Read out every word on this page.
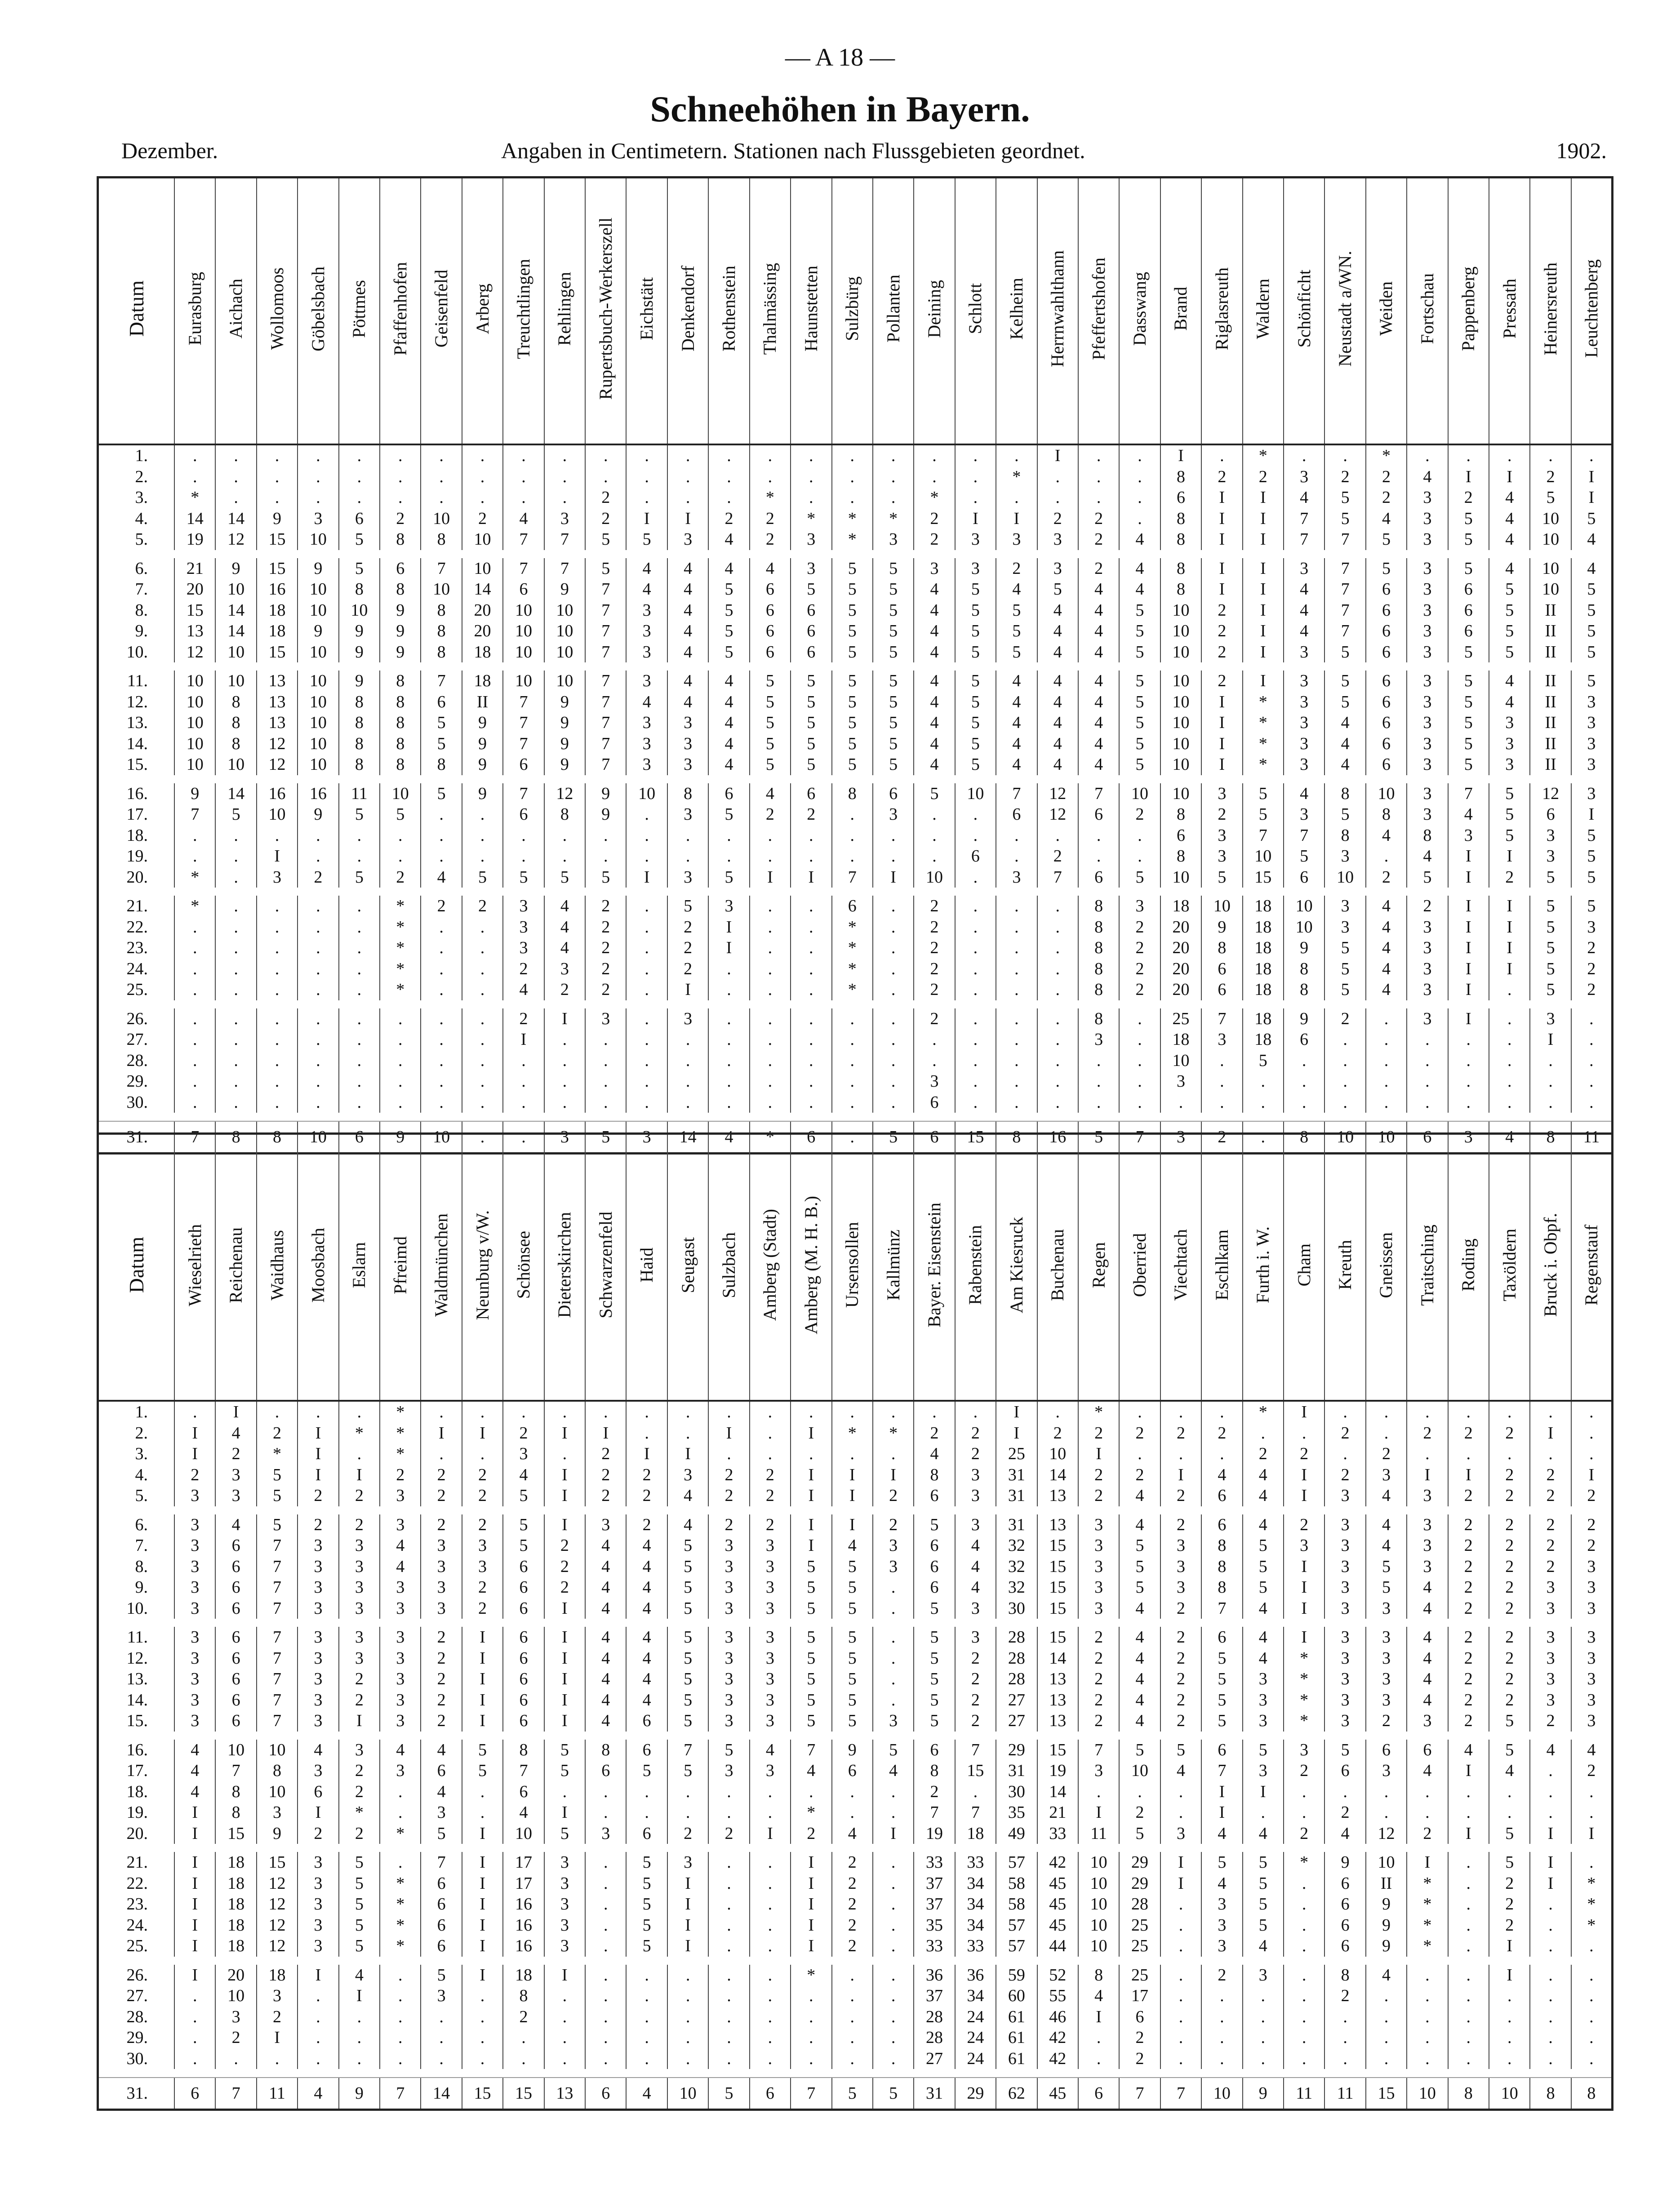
— A 18 —
Schneehöhen in Bayern.
Dezember.	Angaben in Centimetern. Stationen nach Flussgebieten geordnet.	1902.
Datum	Eurasburg	Aichach	Wollomoos	Göbelsbach	Pöttmes	Pfaffenhofen	Geisenfeld	Arberg	Treuchtlingen	Rehlingen	Rupertsbuch-Werkerszell	Eichstätt	Denkendorf	Rothenstein	Thalmässing	Haunstetten	Sulzbürg	Pollanten	Deining	Schlott	Kelheim	Herrnwahlthann	Pfeffertshofen	Dasswang	Brand	Riglasreuth	Waldern	Schönficht	Neustadt a/WN.	Weiden	Fortschau	Pappenberg	Pressath	Heinersreuth	Leuchtenberg
1.	.	.	.	.	.	.	.	.	.	.	.	.	.	.	.	.	.	.	.	.	.	I	.	.	I	.	*	.	.	*	.	.	.	.	.
2.	.	.	.	.	.	.	.	.	.	.	.	.	.	.	.	.	.	.	.	.	*	.	.	.	8	2	2	3	2	2	4	I	I	2	I
3.	*	.	.	.	.	.	.	.	.	.	2	.	.	.	*	.	.	.	*	.	.	.	.	.	6	I	I	4	5	2	3	2	4	5	I
4.	14	14	9	3	6	2	10	2	4	3	2	I	I	2	2	*	*	*	2	I	I	2	2	.	8	I	I	7	5	4	3	5	4	10	5
5.	19	12	15	10	5	8	8	10	7	7	5	5	3	4	2	3	*	3	2	3	3	3	2	4	8	I	I	7	7	5	3	5	4	10	4

6.	21	9	15	9	5	6	7	10	7	7	5	4	4	4	4	3	5	5	3	3	2	3	2	4	8	I	I	3	7	5	3	5	4	10	4
7.	20	10	16	10	8	8	10	14	6	9	7	4	4	5	6	5	5	5	4	5	4	5	4	4	8	I	I	4	7	6	3	6	5	10	5
8.	15	14	18	10	10	9	8	20	10	10	7	3	4	5	6	6	5	5	4	5	5	4	4	5	10	2	I	4	7	6	3	6	5	II	5
9.	13	14	18	9	9	9	8	20	10	10	7	3	4	5	6	6	5	5	4	5	5	4	4	5	10	2	I	4	7	6	3	6	5	II	5
10.	12	10	15	10	9	9	8	18	10	10	7	3	4	5	6	6	5	5	4	5	5	4	4	5	10	2	I	3	5	6	3	5	5	II	5

11.	10	10	13	10	9	8	7	18	10	10	7	3	4	4	5	5	5	5	4	5	4	4	4	5	10	2	I	3	5	6	3	5	4	II	5
12.	10	8	13	10	8	8	6	II	7	9	7	4	4	4	5	5	5	5	4	5	4	4	4	5	10	I	*	3	5	6	3	5	4	II	3
13.	10	8	13	10	8	8	5	9	7	9	7	3	3	4	5	5	5	5	4	5	4	4	4	5	10	I	*	3	4	6	3	5	3	II	3
14.	10	8	12	10	8	8	5	9	7	9	7	3	3	4	5	5	5	5	4	5	4	4	4	5	10	I	*	3	4	6	3	5	3	II	3
15.	10	10	12	10	8	8	8	9	6	9	7	3	3	4	5	5	5	5	4	5	4	4	4	5	10	I	*	3	4	6	3	5	3	II	3

16.	9	14	16	16	11	10	5	9	7	12	9	10	8	6	4	6	8	6	5	10	7	12	7	10	10	3	5	4	8	10	3	7	5	12	3
17.	7	5	10	9	5	5	.	.	6	8	9	.	3	5	2	2	.	3	.	.	6	12	6	2	8	2	5	3	5	8	3	4	5	6	I
18.	.	.	.	.	.	.	.	.	.	.	.	.	.	.	.	.	.	.	.	.	.	.	.	.	6	3	7	7	8	4	8	3	5	3	5
19.	.	.	I	.	.	.	.	.	.	.	.	.	.	.	.	.	.	.	.	6	.	2	.	.	8	3	10	5	3	.	4	I	I	3	5
20.	*	.	3	2	5	2	4	5	5	5	5	I	3	5	I	I	7	I	10	.	3	7	6	5	10	5	15	6	10	2	5	I	2	5	5

21.	*	.	.	.	.	*	2	2	3	4	2	.	5	3	.	.	6	.	2	.	.	.	8	3	18	10	18	10	3	4	2	I	I	5	5
22.	.	.	.	.	.	*	.	.	3	4	2	.	2	I	.	.	*	.	2	.	.	.	8	2	20	9	18	10	3	4	3	I	I	5	3
23.	.	.	.	.	.	*	.	.	3	4	2	.	2	I	.	.	*	.	2	.	.	.	8	2	20	8	18	9	5	4	3	I	I	5	2
24.	.	.	.	.	.	*	.	.	2	3	2	.	2	.	.	.	*	.	2	.	.	.	8	2	20	6	18	8	5	4	3	I	I	5	2
25.	.	.	.	.	.	*	.	.	4	2	2	.	I	.	.	.	*	.	2	.	.	.	8	2	20	6	18	8	5	4	3	I	.	5	2

26.	.	.	.	.	.	.	.	.	2	I	3	.	3	.	.	.	.	.	2	.	.	.	8	.	25	7	18	9	2	.	3	I	.	3	.
27.	.	.	.	.	.	.	.	.	I	.	.	.	.	.	.	.	.	.	.	.	.	.	3	.	18	3	18	6	.	.	.	.	.	I	.
28.	.	.	.	.	.	.	.	.	.	.	.	.	.	.	.	.	.	.	.	.	.	.	.	.	10	.	5	.	.	.	.	.	.	.	.
29.	.	.	.	.	.	.	.	.	.	.	.	.	.	.	.	.	.	.	3	.	.	.	.	.	3	.	.	.	.	.	.	.	.	.	.
30.	.	.	.	.	.	.	.	.	.	.	.	.	.	.	.	.	.	.	6	.	.	.	.	.	.	.	.	.	.	.	.	.	.	.	.

31.	7	8	8	10	6	9	10	.	.	3	5	3	14	4	*	6	.	5	6	15	8	16	5	7	3	2	.	8	10	10	6	3	4	8	11
Datum	Wieselrieth	Reichenau	Waidhaus	Moosbach	Eslarn	Pfreimd	Waldmünchen	Neunburg v/W.	Schönsee	Dieterskirchen	Schwarzenfeld	Haid	Seugast	Sulzbach	Amberg (Stadt)	Amberg (M. H. B.)	Ursensollen	Kallmünz	Bayer. Eisenstein	Rabenstein	Am Kiesruck	Buchenau	Regen	Oberried	Viechtach	Eschlkam	Furth i. W.	Cham	Kreuth	Gneissen	Traitsching	Roding	Taxöldern	Bruck i. Obpf.	Regenstauf
1.	.	I	.	.	.	*	.	.	.	.	.	.	.	.	.	.	.	.	.	.	I	.	*	.	.	.	*	I	.	.	.	.	.	.	.
2.	I	4	2	I	*	*	I	I	2	I	I	.	.	I	.	I	*	*	2	2	I	2	2	2	2	2	.	.	2	.	2	2	2	I	.
3.	I	2	*	I	.	*	.	.	3	.	2	I	I	.	.	.	.	.	4	2	25	10	I	.	.	.	2	2	.	2	.	.	.	.	.
4.	2	3	5	I	I	2	2	2	4	I	2	2	3	2	2	I	I	I	8	3	31	14	2	2	I	4	4	I	2	3	I	I	2	2	I
5.	3	3	5	2	2	3	2	2	5	I	2	2	4	2	2	I	I	2	6	3	31	13	2	4	2	6	4	I	3	4	3	2	2	2	2

6.	3	4	5	2	2	3	2	2	5	I	3	2	4	2	2	I	I	2	5	3	31	13	3	4	2	6	4	2	3	4	3	2	2	2	2
7.	3	6	7	3	3	4	3	3	5	2	4	4	5	3	3	I	4	3	6	4	32	15	3	5	3	8	5	3	3	4	3	2	2	2	2
8.	3	6	7	3	3	4	3	3	6	2	4	4	5	3	3	5	5	3	6	4	32	15	3	5	3	8	5	I	3	5	3	2	2	2	3
9.	3	6	7	3	3	3	3	2	6	2	4	4	5	3	3	5	5	.	6	4	32	15	3	5	3	8	5	I	3	5	4	2	2	3	3
10.	3	6	7	3	3	3	3	2	6	I	4	4	5	3	3	5	5	.	5	3	30	15	3	4	2	7	4	I	3	3	4	2	2	3	3

11.	3	6	7	3	3	3	2	I	6	I	4	4	5	3	3	5	5	.	5	3	28	15	2	4	2	6	4	I	3	3	4	2	2	3	3
12.	3	6	7	3	3	3	2	I	6	I	4	4	5	3	3	5	5	.	5	2	28	14	2	4	2	5	4	*	3	3	4	2	2	3	3
13.	3	6	7	3	2	3	2	I	6	I	4	4	5	3	3	5	5	.	5	2	28	13	2	4	2	5	3	*	3	3	4	2	2	3	3
14.	3	6	7	3	2	3	2	I	6	I	4	4	5	3	3	5	5	.	5	2	27	13	2	4	2	5	3	*	3	3	4	2	2	3	3
15.	3	6	7	3	I	3	2	I	6	I	4	6	5	3	3	5	5	3	5	2	27	13	2	4	2	5	3	*	3	2	3	2	5	2	3

16.	4	10	10	4	3	4	4	5	8	5	8	6	7	5	4	7	9	5	6	7	29	15	7	5	5	6	5	3	5	6	6	4	5	4	4
17.	4	7	8	3	2	3	6	5	7	5	6	5	5	3	3	4	6	4	8	15	31	19	3	10	4	7	3	2	6	3	4	I	4	.	2
18.	4	8	10	6	2	.	4	.	6	.	.	.	.	.	.	.	.	.	2	.	30	14	.	.	.	I	I	.	.	.	.	.	.	.	.
19.	I	8	3	I	*	.	3	.	4	I	.	.	.	.	.	*	.	.	7	7	35	21	I	2	.	I	.	.	2	.	.	.	.	.	.
20.	I	15	9	2	2	*	5	I	10	5	3	6	2	2	I	2	4	I	19	18	49	33	11	5	3	4	4	2	4	12	2	I	5	I	I

21.	I	18	15	3	5	.	7	I	17	3	.	5	3	.	.	I	2	.	33	33	57	42	10	29	I	5	5	*	9	10	I	.	5	I	.
22.	I	18	12	3	5	*	6	I	17	3	.	5	I	.	.	I	2	.	37	34	58	45	10	29	I	4	5	.	6	II	*	.	2	I	*
23.	I	18	12	3	5	*	6	I	16	3	.	5	I	.	.	I	2	.	37	34	58	45	10	28	.	3	5	.	6	9	*	.	2	.	*
24.	I	18	12	3	5	*	6	I	16	3	.	5	I	.	.	I	2	.	35	34	57	45	10	25	.	3	5	.	6	9	*	.	2	.	*
25.	I	18	12	3	5	*	6	I	16	3	.	5	I	.	.	I	2	.	33	33	57	44	10	25	.	3	4	.	6	9	*	.	I	.	.

26.	I	20	18	I	4	.	5	I	18	I	.	.	.	.	.	*	.	.	36	36	59	52	8	25	.	2	3	.	8	4	.	.	I	.	.
27.	.	10	3	.	I	.	3	.	8	.	.	.	.	.	.	.	.	.	37	34	60	55	4	17	.	.	.	.	2	.	.	.	.	.	.
28.	.	3	2	.	.	.	.	.	2	.	.	.	.	.	.	.	.	.	28	24	61	46	I	6	.	.	.	.	.	.	.	.	.	.	.
29.	.	2	I	.	.	.	.	.	.	.	.	.	.	.	.	.	.	.	28	24	61	42	.	2	.	.	.	.	.	.	.	.	.	.	.
30.	.	.	.	.	.	.	.	.	.	.	.	.	.	.	.	.	.	.	27	24	61	42	.	2	.	.	.	.	.	.	.	.	.	.	.

31.	6	7	11	4	9	7	14	15	15	13	6	4	10	5	6	7	5	5	31	29	62	45	6	7	7	10	9	11	11	15	10	8	10	8	8
